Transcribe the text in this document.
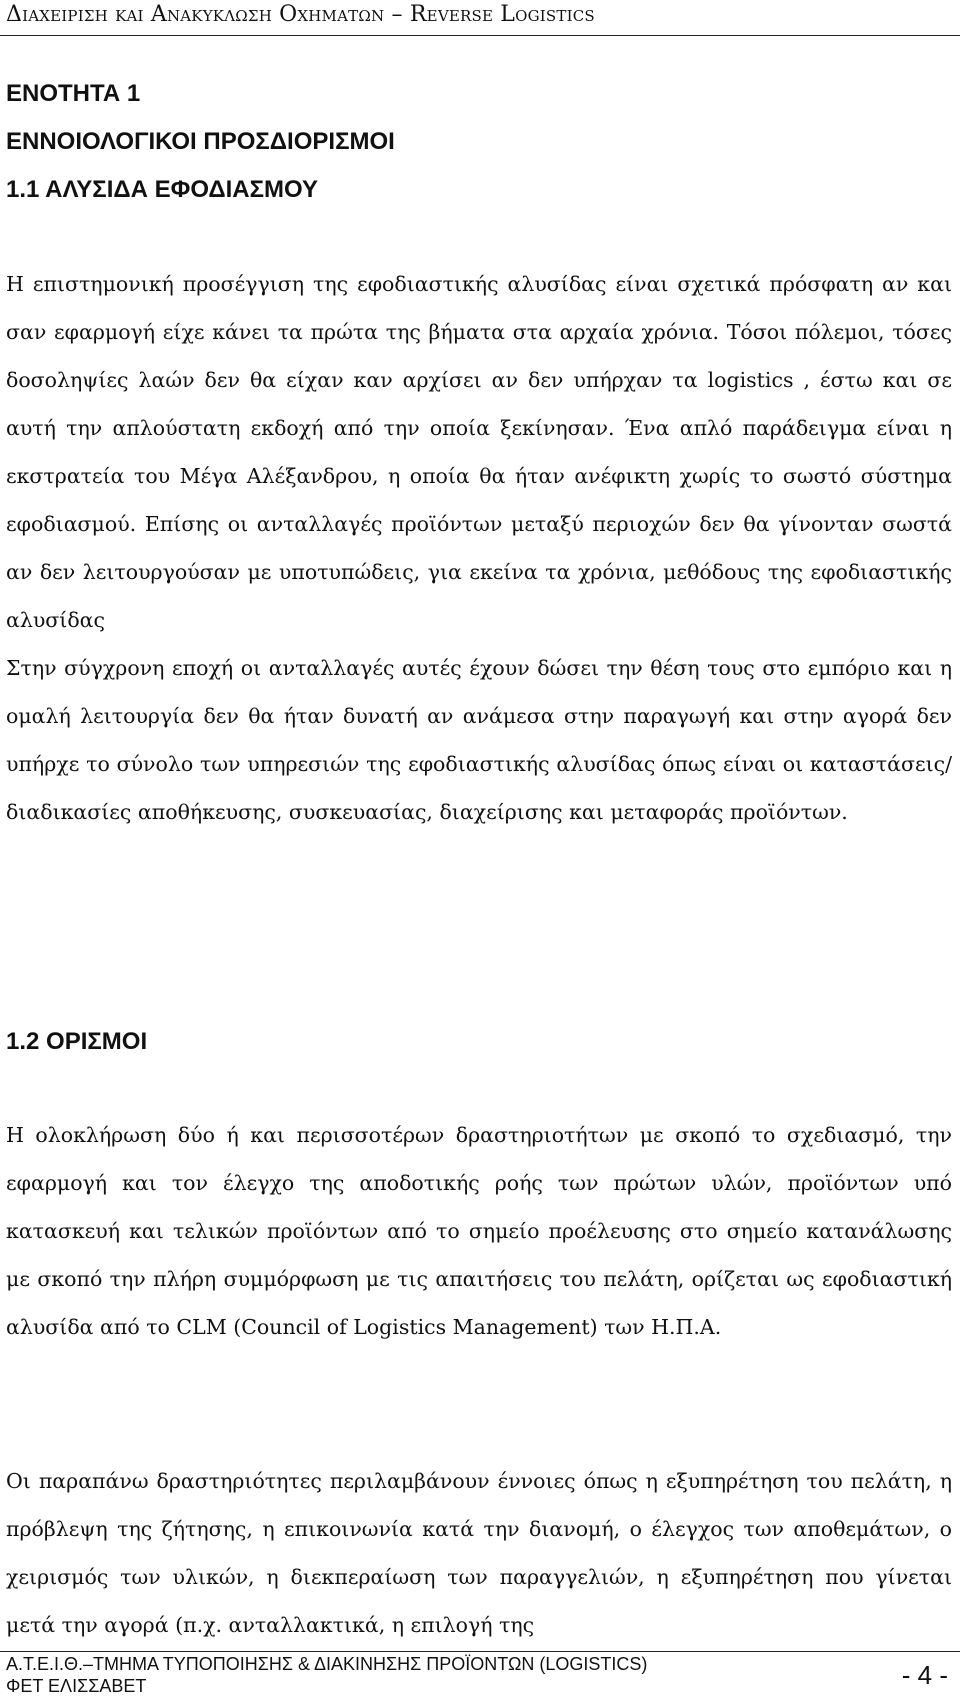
Διαχειριση και Ανακυκλωση Οχηματων – Reverse Logistics
ΕΝΟΤΗΤΑ 1
ΕΝΝΟΙΟΛΟΓΙΚΟΙ ΠΡΟΣΔΙΟΡΙΣΜΟΙ
1.1 ΑΛΥΣΙΔΑ ΕΦΟΔΙΑΣΜΟΥ

Η επιστημονική προσέγγιση της εφοδιαστικής αλυσίδας είναι σχετικά πρόσφατη αν και σαν εφαρμογή είχε κάνει τα πρώτα της βήματα στα αρχαία χρόνια. Τόσοι πόλεμοι, τόσες δοσοληψίες λαών δεν θα είχαν καν αρχίσει αν δεν υπήρχαν τα logistics , έστω και σε αυτή την απλούστατη εκδοχή από την οποία ξεκίνησαν. Ένα απλό παράδειγμα είναι η εκστρατεία του Μέγα Αλέξανδρου, η οποία θα ήταν ανέφικτη χωρίς το σωστό σύστημα εφοδιασμού. Επίσης οι ανταλλαγές προϊόντων μεταξύ περιοχών δεν θα γίνονταν σωστά αν δεν λειτουργούσαν με υποτυπώδεις, για εκείνα τα χρόνια, μεθόδους της εφοδιαστικής αλυσίδας

Στην σύγχρονη εποχή οι ανταλλαγές αυτές έχουν δώσει την θέση τους στο εμπόριο και η ομαλή λειτουργία δεν θα ήταν δυνατή αν ανάμεσα στην παραγωγή και στην αγορά δεν υπήρχε το σύνολο των υπηρεσιών της εφοδιαστικής αλυσίδας όπως είναι οι καταστάσεις/διαδικασίες αποθήκευσης, συσκευασίας, διαχείρισης και μεταφοράς προϊόντων.

1.2 ΟΡΙΣΜΟΙ

Η ολοκλήρωση δύο ή και περισσοτέρων δραστηριοτήτων με σκοπό το σχεδιασμό, την εφαρμογή και τον έλεγχο της αποδοτικής ροής των πρώτων υλών, προϊόντων υπό κατασκευή και τελικών προϊόντων από το σημείο προέλευσης στο σημείο κατανάλωσης με σκοπό την πλήρη συμμόρφωση με τις απαιτήσεις του πελάτη, ορίζεται ως εφοδιαστική αλυσίδα από το CLM (Council of Logistics Management) των Η.Π.Α.

Οι παραπάνω δραστηριότητες περιλαμβάνουν έννοιες όπως η εξυπηρέτηση του πελάτη, η πρόβλεψη της ζήτησης, η επικοινωνία κατά την διανομή, ο έλεγχος των αποθεμάτων, ο χειρισμός των υλικών, η διεκπεραίωση των παραγγελιών, η εξυπηρέτηση που γίνεται μετά την αγορά (π.χ. ανταλλακτικά, η επιλογή της

Α.Τ.Ε.Ι.Θ.–ΤΜΗΜΑ ΤΥΠΟΠΟΙΗΣΗΣ & ΔΙΑΚΙΝΗΣΗΣ ΠΡΟΪΟΝΤΩΝ (LOGISTICS)
ΦΕΤ ΕΛΙΣΣΑΒΕΤ	- 4 -
